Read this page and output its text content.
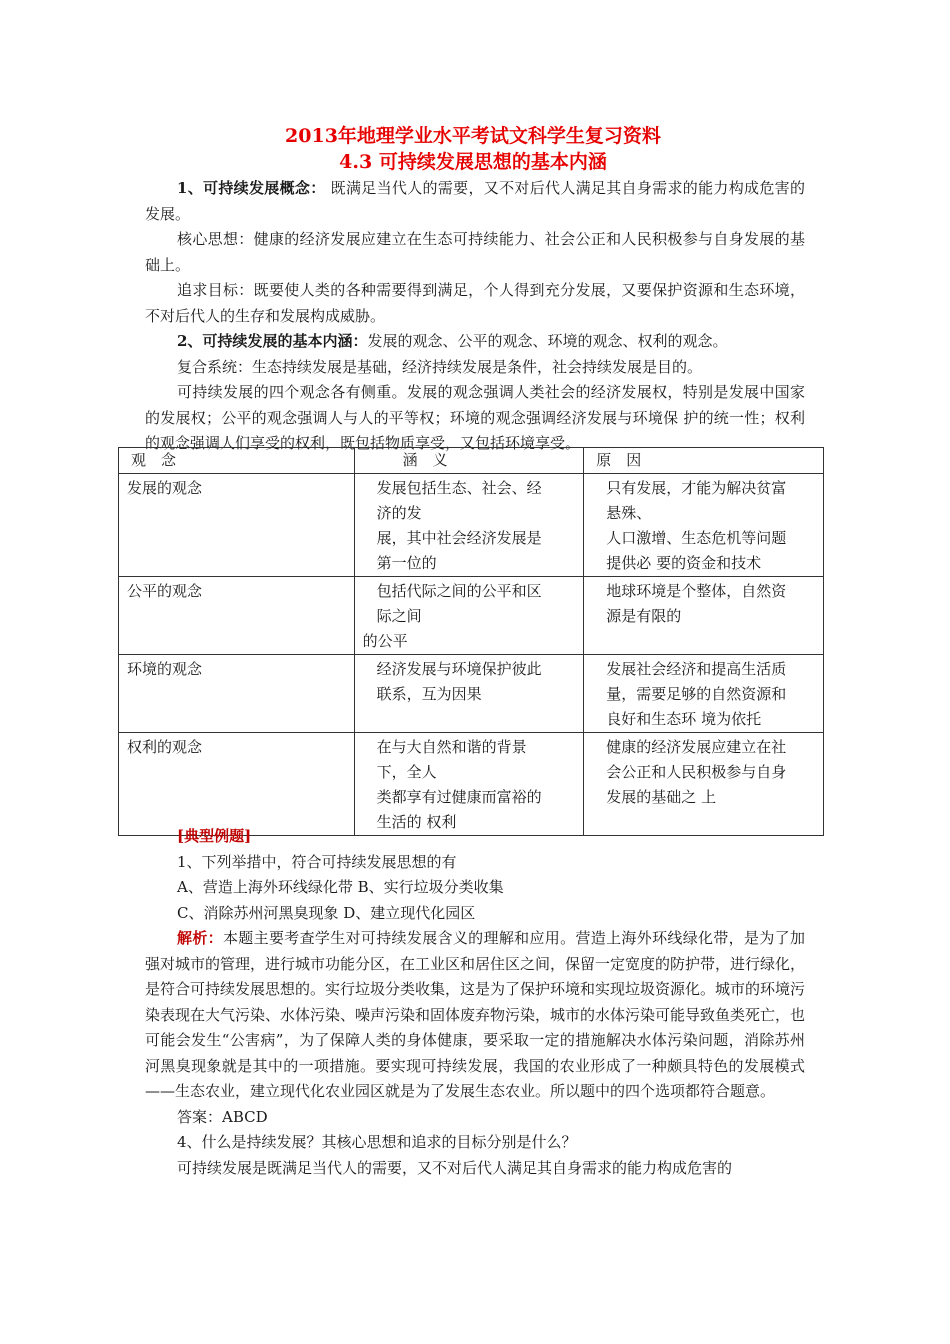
2013年地理学业水平考试文科学生复习资料
4.3 可持续发展思想的基本内涵

1、可持续发展概念： 既满足当代人的需要，又不对后代人满足其自身需求的能力构成危害的发展。

核心思想：健康的经济发展应建立在生态可持续能力、社会公正和人民积极参与自身发展的基础上。

追求目标：既要使人类的各种需要得到满足，个人得到充分发展，又要保护资源和生态环境，不对后代人的生存和发展构成威胁。

2、可持续发展的基本内涵：发展的观念、公平的观念、环境的观念、权利的观念。

复合系统：生态持续发展是基础，经济持续发展是条件，社会持续发展是目的。

可持续发展的四个观念各有侧重。发展的观念强调人类社会的经济发展权，特别是发展中国家的发展权；公平的观念强调人与人的平等权；环境的观念强调经济发展与环境保 护的统一性；权利的观念强调人们享受的权利，既包括物质享受，又包括环境享受。

观　念	涵　义	原　因
发展的观念	发展包括生态、社会、经
济的发
展，其中社会经济发展是
第一位的	只有发展，才能为解决贫富
悬殊、
人口激增、生态危机等问题
提供必 要的资金和技术

公平的观念	包括代际之间的公平和区
际之间
的公平	地球环境是个整体，自然资
源是有限的

环境的观念	经济发展与环境保护彼此
联系，互为因果	发展社会经济和提高生活质
量，需要足够的自然资源和
良好和生态环 境为依托

权利的观念	在与大自然和谐的背景
下，全人
类都享有过健康而富裕的
生活的 权利	健康的经济发展应建立在社
会公正和人民积极参与自身
发展的基础之 上

[典型例题]

1、下列举措中，符合可持续发展思想的有

A、营造上海外环线绿化带 B、实行垃圾分类收集

C、消除苏州河黑臭现象 D、建立现代化园区

解析：本题主要考查学生对可持续发展含义的理解和应用。营造上海外环线绿化带，是为了加强对城市的管理，进行城市功能分区，在工业区和居住区之间，保留一定宽度的防护带，进行绿化，是符合可持续发展思想的。实行垃圾分类收集，这是为了保护环境和实现垃圾资源化。城市的环境污染表现在大气污染、水体污染、噪声污染和固体废弃物污染，城市的水体污染可能导致鱼类死亡，也可能会发生“公害病”，为了保障人类的身体健康，要采取一定的措施解决水体污染问题，消除苏州河黑臭现象就是其中的一项措施。要实现可持续发展，我国的农业形成了一种颇具特色的发展模式——生态农业，建立现代化农业园区就是为了发展生态农业。所以题中的四个选项都符合题意。

答案：ABCD

4、什么是持续发展？其核心思想和追求的目标分别是什么？

可持续发展是既满足当代人的需要，又不对后代人满足其自身需求的能力构成危害的
